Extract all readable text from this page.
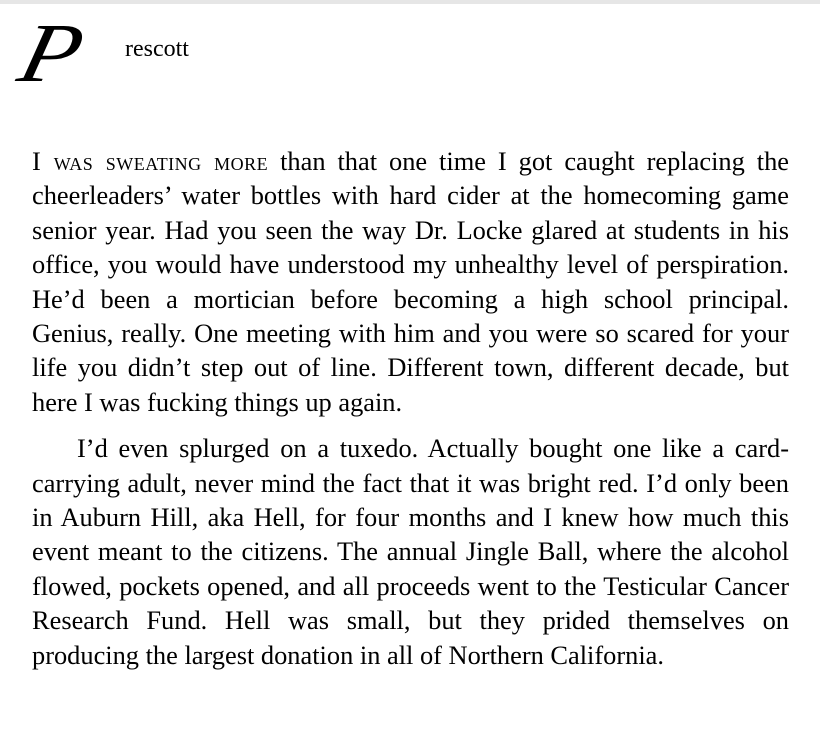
P rescott

I was sweating more than that one time I got caught replacing the cheerleaders’ water bottles with hard cider at the homecoming game senior year. Had you seen the way Dr. Locke glared at students in his office, you would have understood my unhealthy level of perspiration. He’d been a mortician before becoming a high school principal. Genius, really. One meeting with him and you were so scared for your life you didn’t step out of line. Different town, different decade, but here I was fucking things up again.

I’d even splurged on a tuxedo. Actually bought one like a card-carrying adult, never mind the fact that it was bright red. I’d only been in Auburn Hill, aka Hell, for four months and I knew how much this event meant to the citizens. The annual Jingle Ball, where the alcohol flowed, pockets opened, and all proceeds went to the Testicular Cancer Research Fund. Hell was small, but they prided themselves on producing the largest donation in all of Northern California.
